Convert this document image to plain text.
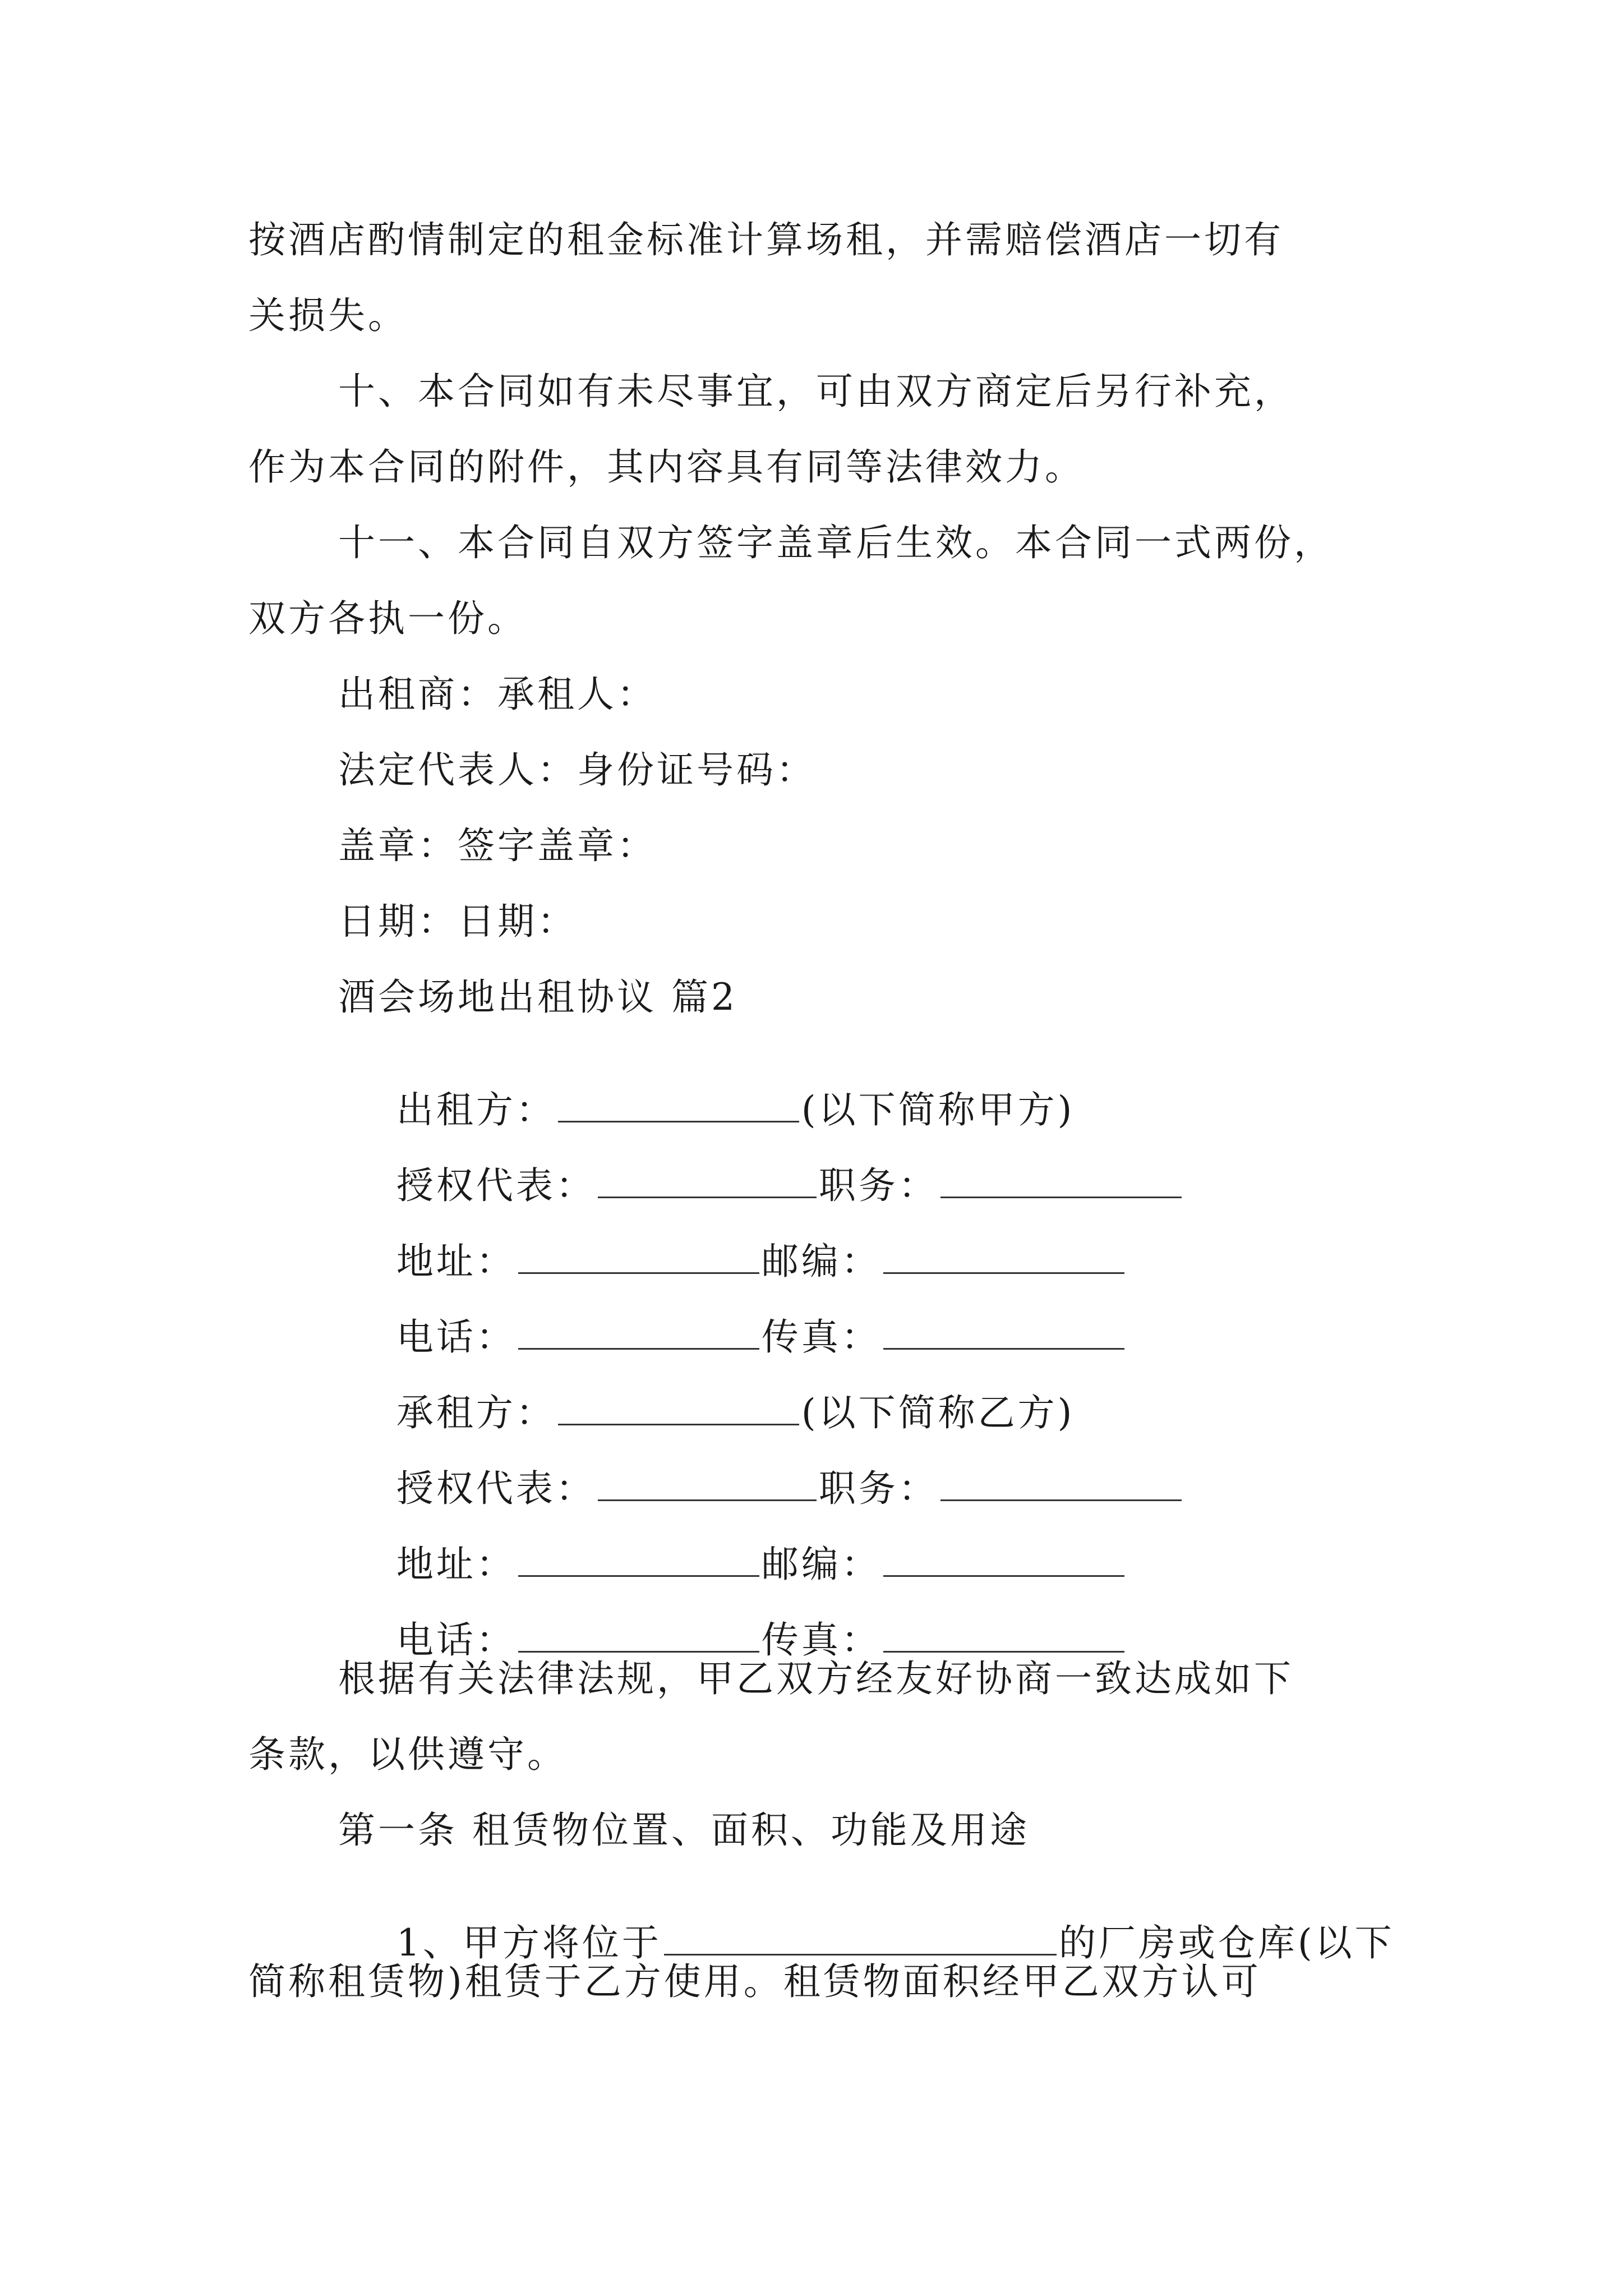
按酒店酌情制定的租金标准计算场租，并需赔偿酒店一切有
关损失。
十、本合同如有未尽事宜，可由双方商定后另行补充，
作为本合同的附件，其内容具有同等法律效力。
十一、本合同自双方签字盖章后生效。本合同一式两份，
双方各执一份。
出租商：承租人：
法定代表人：身份证号码：
盖章：签字盖章：
日期：日期：
酒会场地出租协议 篇2

出租方：	(以下简称甲方)

授权代表：	职务：

地址：	邮编：

电话：	传真：

承租方：	(以下简称乙方)

授权代表：	职务：

地址：	邮编：

电话：	传真：

根据有关法律法规，甲乙双方经友好协商一致达成如下
条款，以供遵守。
第一条 租赁物位置、面积、功能及用途

1、甲方将位于	的厂房或仓库(以下

简称租赁物)租赁于乙方使用。租赁物面积经甲乙双方认可
